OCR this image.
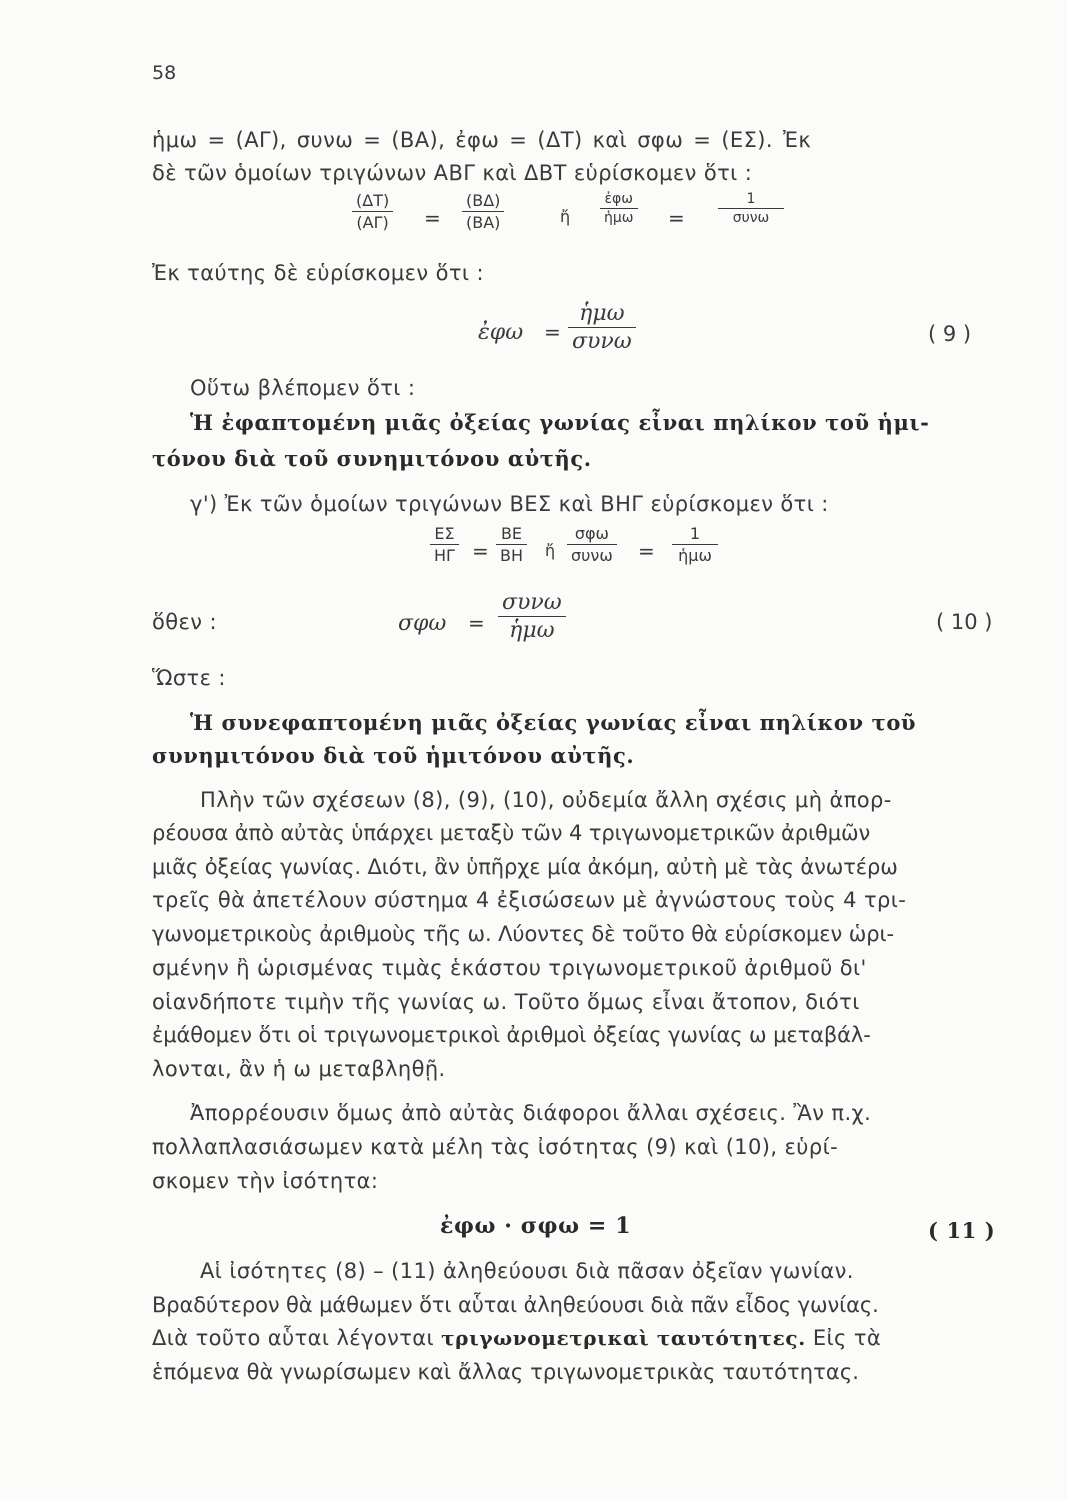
58
ἡμω = (ΑΓ), συνω = (ΒΑ), ἐφω = (ΔΤ) καὶ σφω = (ΕΣ). Ἐκ
δὲ τῶν ὁμοίων τριγώνων ΑΒΓ καὶ ΔΒΤ εὑρίσκομεν ὅτι :
(ΔΤ)
(ΑΓ) =
(ΒΔ)
(ΒΑ)	ἤ
ἐφω
ἡμω =
1
συνω
Ἐκ ταύτης δὲ εὑρίσκομεν ὅτι :
ἐφω =
ἡμω
συνω	( 9 )
Οὕτω βλέπομεν ὅτι :
Ἡ ἐφαπτομένη μιᾶς ὀξείας γωνίας εἶναι πηλίκον τοῦ ἡμι-
τόνου διὰ τοῦ συνημιτόνου αὐτῆς.
γ') Ἐκ τῶν ὁμοίων τριγώνων ΒΕΣ καὶ ΒΗΓ εὑρίσκομεν ὅτι :
ΕΣ
ΗΓ =
ΒΕ
ΒΗ ἤ
σφω
συνω =
1
ἡμω
ὅθεν :	σφω =
συνω
ἡμω	( 10 )
Ὥστε :
Ἡ συνεφαπτομένη μιᾶς ὀξείας γωνίας εἶναι πηλίκον τοῦ
συνημιτόνου διὰ τοῦ ἡμιτόνου αὐτῆς.
Πλὴν τῶν σχέσεων (8), (9), (10), οὐδεμία ἄλλη σχέσις μὴ ἀπορ-
ρέουσα ἀπὸ αὐτὰς ὑπάρχει μεταξὺ τῶν 4 τριγωνομετρικῶν ἀριθμῶν
μιᾶς ὀξείας γωνίας. Διότι, ἂν ὑπῆρχε μία ἀκόμη, αὐτὴ μὲ τὰς ἀνωτέρω
τρεῖς θὰ ἀπετέλουν σύστημα 4 ἐξισώσεων μὲ ἀγνώστους τοὺς 4 τρι-
γωνομετρικοὺς ἀριθμοὺς τῆς ω. Λύοντες δὲ τοῦτο θὰ εὑρίσκομεν ὡρι-
σμένην ἢ ὡρισμένας τιμὰς ἑκάστου τριγωνομετρικοῦ ἀριθμοῦ δι'
οἱανδήποτε τιμὴν τῆς γωνίας ω. Τοῦτο ὅμως εἶναι ἄτοπον, διότι
ἐμάθομεν ὅτι οἱ τριγωνομετρικοὶ ἀριθμοὶ ὀξείας γωνίας ω μεταβάλ-
λονται, ἂν ἡ ω μεταβληθῇ.
Ἀπορρέουσιν ὅμως ἀπὸ αὐτὰς διάφοροι ἄλλαι σχέσεις. Ἂν π.χ.
πολλαπλασιάσωμεν κατὰ μέλη τὰς ἰσότητας (9) καὶ (10), εὑρί-
σκομεν τὴν ἰσότητα:
ἐφω · σφω = 1	( 11 )
Αἱ ἰσότητες (8) – (11) ἀληθεύουσι διὰ πᾶσαν ὀξεῖαν γωνίαν.
Βραδύτερον θὰ μάθωμεν ὅτι αὗται ἀληθεύουσι διὰ πᾶν εἶδος γωνίας.
Διὰ τοῦτο αὗται λέγονται τριγωνομετρικαὶ ταυτότητες. Εἰς τὰ
ἑπόμενα θὰ γνωρίσωμεν καὶ ἄλλας τριγωνομετρικὰς ταυτότητας.
